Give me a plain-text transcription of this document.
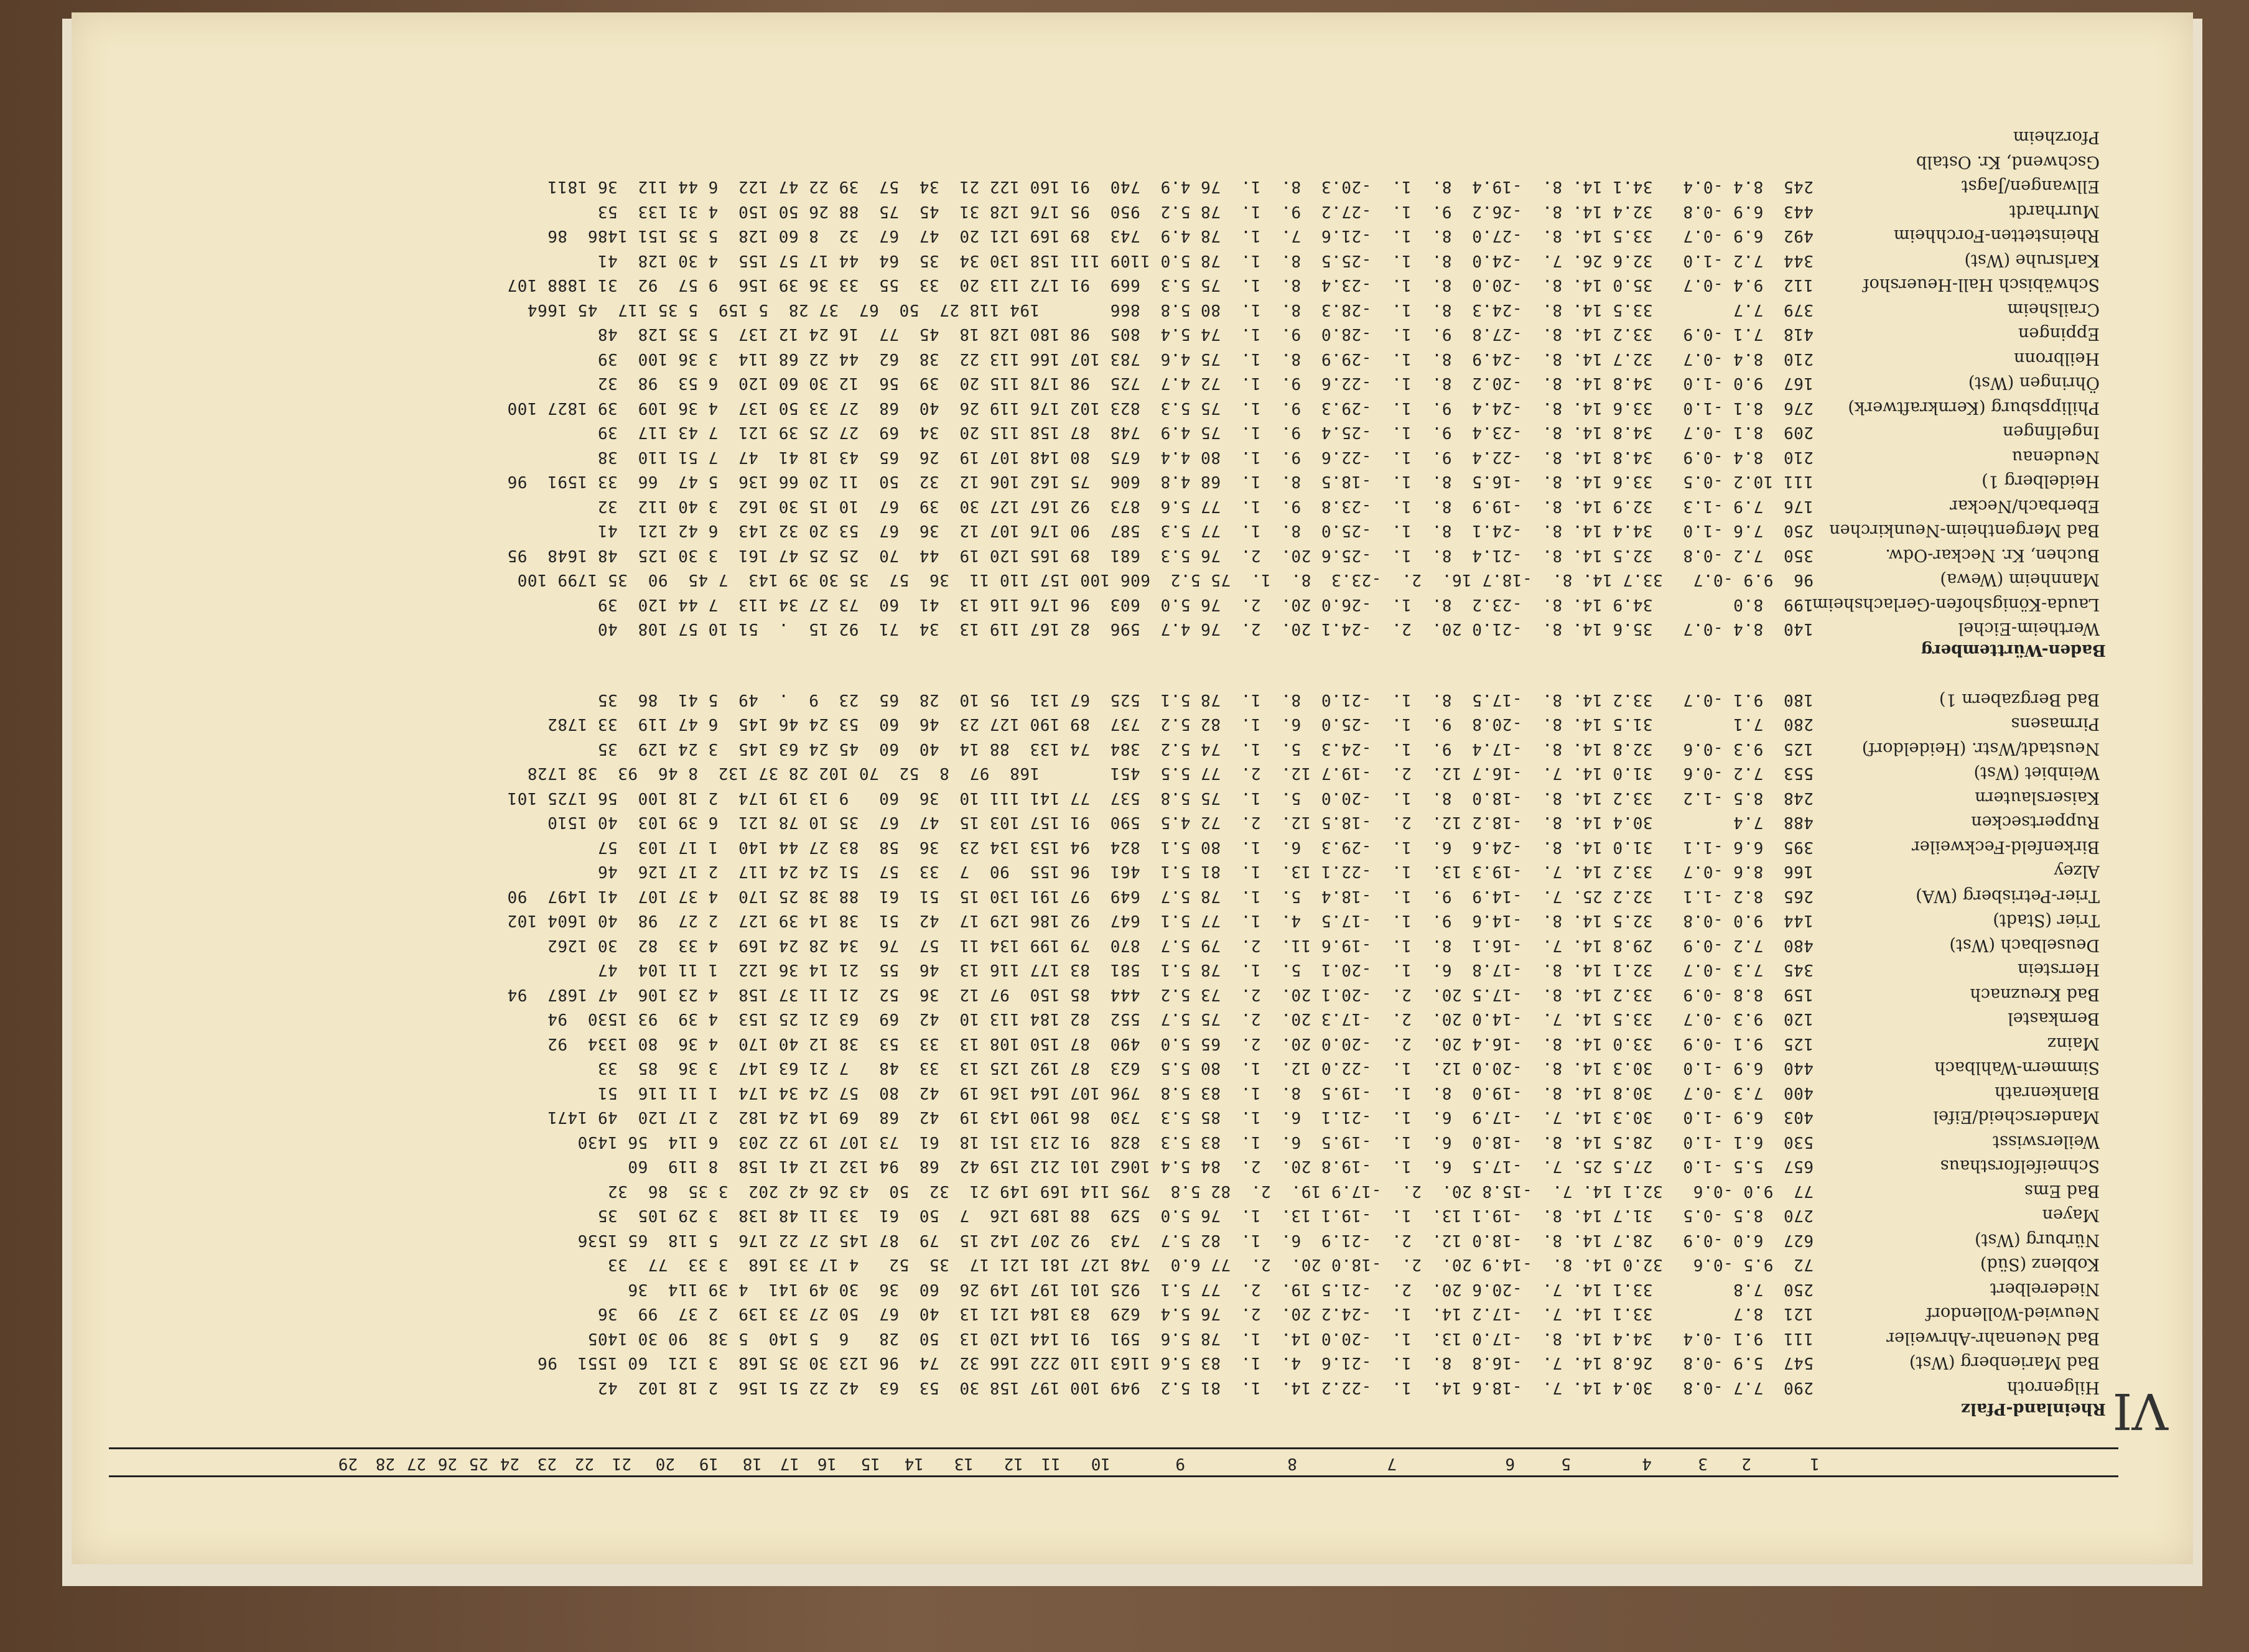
VI
1
2
3
4
5
6
7
8
9
10
11
12
13
14
15
16
17
18
19
20
21
22
23
24
25
26
27
28
29
Rheinland-Pfalz
Hilgenroth
290  7.7 -0.8   30.4 14. 7.  -18.6 14.  1.  -22.2 14.  1.  81 5.2  949 100 197 158 30  53  63  42 22 51 156  2 18 102  42
Bad Marienberg (Wst)
547  5.9 -0.8   26.8 14. 7.  -16.8  8.  1.  -21.6  4.  1.  83 5.6 1163 110 222 166 32  74  96 123 30 35 168  3 121  60 1551  96
Bad Neuenahr-Ahrweiler
111  9.1 -0.4   34.4 14. 8.  -17.0 13.  1.  -20.0 14.  1.  78 5.6  591  91 144 120 13  50  28   6  5 140  5 38  90 30 1405
Neuwied-Wollendorf
121  8.7        33.1 14. 7.  -17.2 14.  1.  -24.2 20.  2.  76 5.4  629  83 184 121 13  40  67  50 27 33 139  2 37  99  36
Niederelbert
250  7.8        33.1 14. 7.  -20.6 20.  2.  -21.5 19.  2.  77 5.1  925 101 197 149 26  60  36  30 49 141  4 39 114  36
Koblenz (Süd)
72  9.5 -0.6   32.0 14. 8.  -14.9 20.  2.  -18.0 20.  2.  77 6.0  748 127 181 121 17  35  52   4 17 33 168  3 33  77  33
Nürburg (Wst)
627  6.0 -0.9   28.7 14. 8.  -18.0 12.  2.  -21.9  6.  1.  82 5.7  743  92 207 142 15  79  87 145 27 22 176  5 118  65 1536
Mayen
270  8.5 -0.5   31.7 14. 8.  -19.1 13.  1.  -19.1 13.  1.  76 5.0  529  88 189 126  7  50  61  33 11 48 138  3 29 105  35
Bad Ems
77  9.0 -0.6   32.1 14. 7.  -15.8 20.  2.  -17.9 19.  2.  82 5.8  795 114 169 149 21  32  50  43 26 42 202  3 35  86  32
Schneifelforsthaus
657  5.5 -1.0   27.5 25. 7.  -17.5  6.  1.  -19.8 20.  2.  84 5.4 1062 101 212 159 42  68  94 132 12 41 158  8 119  60
Weilerswisst
530  6.1 -1.0   28.5 14. 8.  -18.0  6.  1.  -19.5  6.  1.  83 5.3  828  91 213 151 18  61  73 107 19 22 203  6 114  56 1430
Manderscheid/Eifel
403  6.9 -1.0   30.3 14. 7.  -17.9  6.  1.  -21.1  6.  1.  85 5.3  730  86 190 143 19  42  68  69 14 24 182  2 17 120  49 1471
Blankenrath
400  7.3 -0.7   30.8 14. 8.  -19.0  8.  1.  -19.5  8.  1.  83 5.8  796 107 164 136 19  42  80  57 24 34 174  1 11 116  51
Simmern-Wahlbach
440  6.9 -1.0   30.3 14. 8.  -20.0 12.  1.  -22.0 12.  1.  80 5.5  623  87 192 125 13  33  48   7 21 63 147  3 36  85  33
Mainz
125  9.1 -0.9   33.0 14. 8.  -16.4 20.  2.  -20.0 20.  2.  65 5.0  490  87 150 108 13  33  53  38 12 40 170  4 36  80 1334  92
Bernkastel
120  9.3 -0.7   33.5 14. 7.  -14.0 20.  2.  -17.3 20.  2.  75 5.7  552  82 184 113 10  42  69  63 21 25 153  4 39  93 1530  94
Bad Kreuznach
159  8.8 -0.9   33.2 14. 8.  -17.5 20.  2.  -20.1 20.  2.  73 5.2  444  85 150  97 12  36  52  21 11 37 158  4 23 106  47 1687  94
Herrstein
345  7.3 -0.7   32.1 14. 8.  -17.8  6.  1.  -20.1  5.  1.  78 5.1  581  83 177 116 13  46  55  21 14 36 122  1 11 104  47
Deuselbach (Wst)
480  7.2 -0.9   29.8 14. 7.  -16.1  8.  1.  -19.6 11.  2.  79 5.7  870  79 199 134 11  57  76  34 28 24 169  4 33  82  30 1262
Trier (Stadt)
144  9.0 -0.8   32.5 14. 8.  -14.6  9.  1.  -17.5  4.  1.  77 5.1  647  92 186 129 17  42  51  38 14 39 127  2 27  98  40 1604 102
Trier-Petrisberg (WA)
265  8.2 -1.1   32.2 25. 7.  -14.9  9.  1.  -18.4  5.  1.  78 5.7  649  97 191 130 15  51  61  88 38 25 170  4 37 107  41 1497  90
Alzey
166  8.6 -0.7   33.2 14. 7.  -19.3 13.  1.  -22.1 13.  1.  81 5.1  461  96 155  90  7  33  57  51 24 24 117  2 17 126  46
Birkenfeld-Feckweiler
395  6.6 -1.1   31.0 14. 8.  -24.6  6.  1.  -29.3  6.  1.  80 5.1  824  94 153 134 23  36  58  83 27 44 140  1 17 103  57
Ruppertsecken
488  7.4        30.4 14. 8.  -18.2 12.  2.  -18.5 12.  2.  72 4.5  590  91 157 103 15  47  67  35 10 78 121  6 39 103  40 1510
Kaiserslautern
248  8.5 -1.2   33.2 14. 8.  -18.0  8.  1.  -20.0  5.  1.  75 5.8  537  77 141 111 10  36  60   9 13 19 174  2 18 100  56 1725 101
Weinbiet (Wst)
553  7.2 -0.6   31.0 14. 7.  -16.7 12.  2.  -19.7 12.  2.  77 5.5  451       168  97  8  52  70 102 28 37 132  8 46  93  38 1728
Neustadt/Wstr. (Heideldorf)
125  9.3 -0.6   32.8 14. 8.  -17.4  9.  1.  -24.3  5.  1.  74 5.2  384  74 133  88 14  40  60  45 24 63 145  3 24 129  35
Pirmasens
280  7.1        31.5 14. 8.  -20.8  9.  1.  -25.0  6.  1.  82 5.2  737  89 190 127 23  46  60  53 24 46 145  6 47 119  33 1782
Bad Bergzabern 1)
180  9.1 -0.7   33.2 14. 8.  -17.5  8.  1.  -21.0  8.  1.  78 5.1  525  67 131  95 10  28  65  23  9  .  49  5 41  86  35
Baden-Württemberg
Wertheim-Eichel
140  8.4 -0.7   35.6 14. 8.  -21.0 20.  2.  -24.1 20.  2.  76 4.7  596  82 167 119 13  34  71  92 15  .  51 10 57 108  40
Lauda-Königshofen-Gerlachsheim
199  8.0        34.9 14. 8.  -23.2  8.  1.  -26.0 20.  2.  76 5.0  603  96 176 116 13  41  60  73 27 34 113  7 44 120  39
Mannheim (Wewa)
96  9.9 -0.7   33.7 14. 8.  -18.7 16.  2.  -23.3  8.  1.  75 5.2  606 100 157 110 11  36  57  35 30 39 143  7 45  90  35 1799 100
Buchen, Kr. Neckar-Odw.
350  7.2 -0.8   32.5 14. 8.  -21.4  8.  1.  -25.6 20.  2.  76 5.3  681  89 165 120 19  44  70  25 25 47 161  3 30 125  48 1648  95
Bad Mergentheim-Neunkirchen
250  7.6 -1.0   34.4 14. 8.  -24.1  8.  1.  -25.0  8.  1.  77 5.3  587  90 176 107 12  36  67  53 20 32 143  6 42 121  41
Eberbach/Neckar
176  7.9 -1.3   32.9 14. 8.  -19.9  8.  1.  -23.8  9.  1.  77 5.6  873  92 167 127 30  39  67  10 15 30 162  3 40 112  32
Heidelberg 1)
111 10.2 -0.5   33.6 14. 8.  -16.5  8.  1.  -18.5  8.  1.  68 4.8  606  75 162 106 12  32  50  11 20 66 136  5 47  66  33 1591  96
Neudenau
210  8.4 -0.9   34.8 14. 8.  -22.4  9.  1.  -22.6  9.  1.  80 4.4  675  80 148 107 19  26  65  43 18 41  47  7 51 110  38
Ingelfingen
209  8.1 -0.7   34.8 14. 8.  -23.4  9.  1.  -25.4  9.  1.  75 4.9  748  87 158 115 20  34  69  27 25 39 121  7 43 117  39
Philippsburg (Kernkraftwerk)
276  8.1 -1.0   33.6 14. 8.  -24.4  9.  1.  -29.3  9.  1.  75 5.3  823 102 176 119 26  40  68  27 33 50 137  4 36 109  39 1827 100
Öhringen (Wst)
167  9.0 -1.0   34.8 14. 8.  -20.2  8.  1.  -22.6  9.  1.  72 4.7  725  98 178 115 20  39  56  12 30 60 120  6 53  98  32
Heilbronn
210  8.4 -0.7   32.7 14. 8.  -24.9  8.  1.  -29.9  8.  1.  75 4.6  783 107 166 113 22  38  62  44 22 68 114  3 36 100  39
Eppingen
418  7.1 -0.9   33.2 14. 8.  -27.8  9.  1.  -28.0  9.  1.  74 5.4  805  98 180 128 18  45  77  16 24 12 137  5 35 128  48
Crailsheim
379  7.7        33.5 14. 8.  -24.3  8.  1.  -28.3  8.  1.  80 5.8  866       194 118 27  50  67  37 28  5 159  5 35 117  45 1664
Schwäbisch Hall-Heuershof
112  9.4 -0.7   35.0 14. 8.  -20.0  8.  1.  -23.4  8.  1.  75 5.3  669  91 172 113 20  33  55  33 36 39 156  9 57  92  31 1888 107
Karlsruhe (Wst)
344  7.2 -1.0   32.6 26. 7.  -24.0  8.  1.  -25.5  8.  1.  78 5.0 1109 111 158 130 34  35  64  44 17 57 155  4 30 128  41
Rheinstetten-Forchheim
492  6.9 -0.7   33.5 14. 8.  -27.0  8.  1.  -21.6  7.  1.  78 4.9  743  89 169 121 20  47  67  32  8 60 128  5 35 151 1486  86
Murrhardt
443  6.9 -0.8   32.4 14. 8.  -26.2  9.  1.  -27.2  9.  1.  78 5.2  950  95 176 128 31  45  75  88 26 50 150  4 31 133  53
Ellwangen/Jagst
245  8.4 -0.4   34.1 14. 8.  -19.4  8.  1.  -20.3  8.  1.  76 4.9  740  91 160 122 21  34  57  39 22 47 122  6 44 112  36 1811
Gschwend, Kr. Ostalb
Pforzheim
